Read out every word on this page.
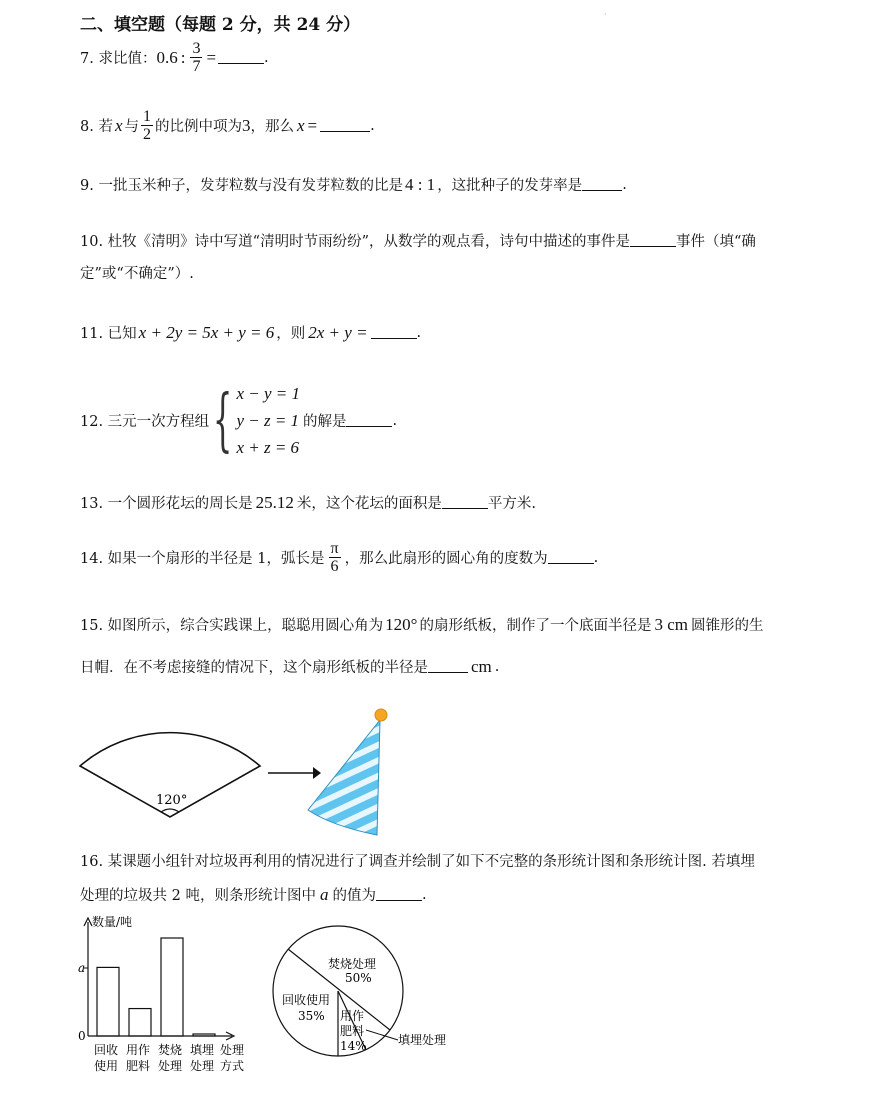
二、填空题（每题 2 分，共 24 分）
·
7. 求比值： 0.6 : $\frac{3}{7}$ =	.
8. 若 x 与 $\frac{1}{2}$ 的比例中项为 3 ，那么 x =	.
9. 一批玉米种子，发芽粒数与没有发芽粒数的比是 4 : 1 ，这批种子的发芽率是	.
10. 杜牧《清明》诗中写道“清明时节雨纷纷”，从数学的观点看，诗句中描述的事件是	事件（填“确
定”或“不确定”）.
11. 已知 x + 2y = 5x + y = 6 ，则 2x + y =	.
12. 三元一次方程组 { x − y = 1
y − z = 1
x + z = 6
的解是	.
13. 一个圆形花坛的周长是 25.12 米，这个花坛的面积是	平方米.
14. 如果一个扇形的半径是 1，弧长是 $\frac{\pi}{6}$ ，那么此扇形的圆心角的度数为	.
15. 如图所示，综合实践课上，聪聪用圆心角为 120° 的扇形纸板，制作了一个底面半径是 3 cm 圆锥形的生
日帽．在不考虑接缝的情况下，这个扇形纸板的半径是	cm .
120°
16. 某课题小组针对垃圾再利用的情况进行了调查并绘制了如下不完整的条形统计图和条形统计图. 若填埋
处理的垃圾共 2 吨，则条形统计图中 a 的值为	.
数量/吨
a
0
回收
使用
用作
肥料
焚烧
处理
填埋
处理
处理
方式
焚烧处理
50%
回收使用
35% 用作
肥料
14%	填埋处理
